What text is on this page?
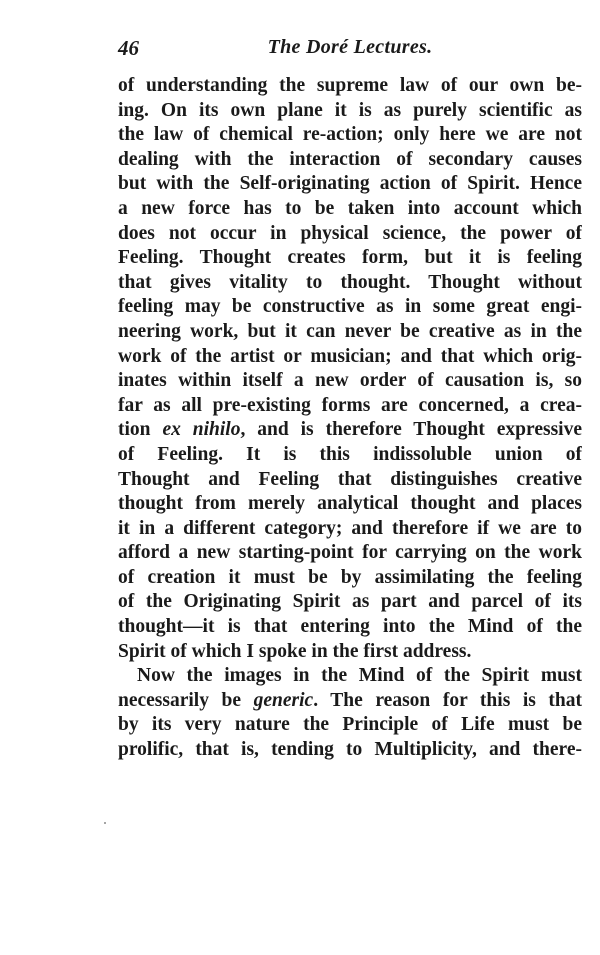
46	The Doré Lectures.
of understanding the supreme law of our own be-
ing. On its own plane it is as purely scientific as
the law of chemical re-action; only here we are not
dealing with the interaction of secondary causes
but with the Self-originating action of Spirit. Hence
a new force has to be taken into account which
does not occur in physical science, the power of
Feeling. Thought creates form, but it is feeling
that gives vitality to thought. Thought without
feeling may be constructive as in some great engi-
neering work, but it can never be creative as in the
work of the artist or musician; and that which orig-
inates within itself a new order of causation is, so
far as all pre-existing forms are concerned, a crea-
tion ex nihilo, and is therefore Thought expressive
of Feeling. It is this indissoluble union of
Thought and Feeling that distinguishes creative
thought from merely analytical thought and places
it in a different category; and therefore if we are to
afford a new starting-point for carrying on the work
of creation it must be by assimilating the feeling
of the Originating Spirit as part and parcel of its
thought—it is that entering into the Mind of the
Spirit of which I spoke in the first address.
Now the images in the Mind of the Spirit must
necessarily be generic. The reason for this is that
by its very nature the Principle of Life must be
prolific, that is, tending to Multiplicity, and there-
